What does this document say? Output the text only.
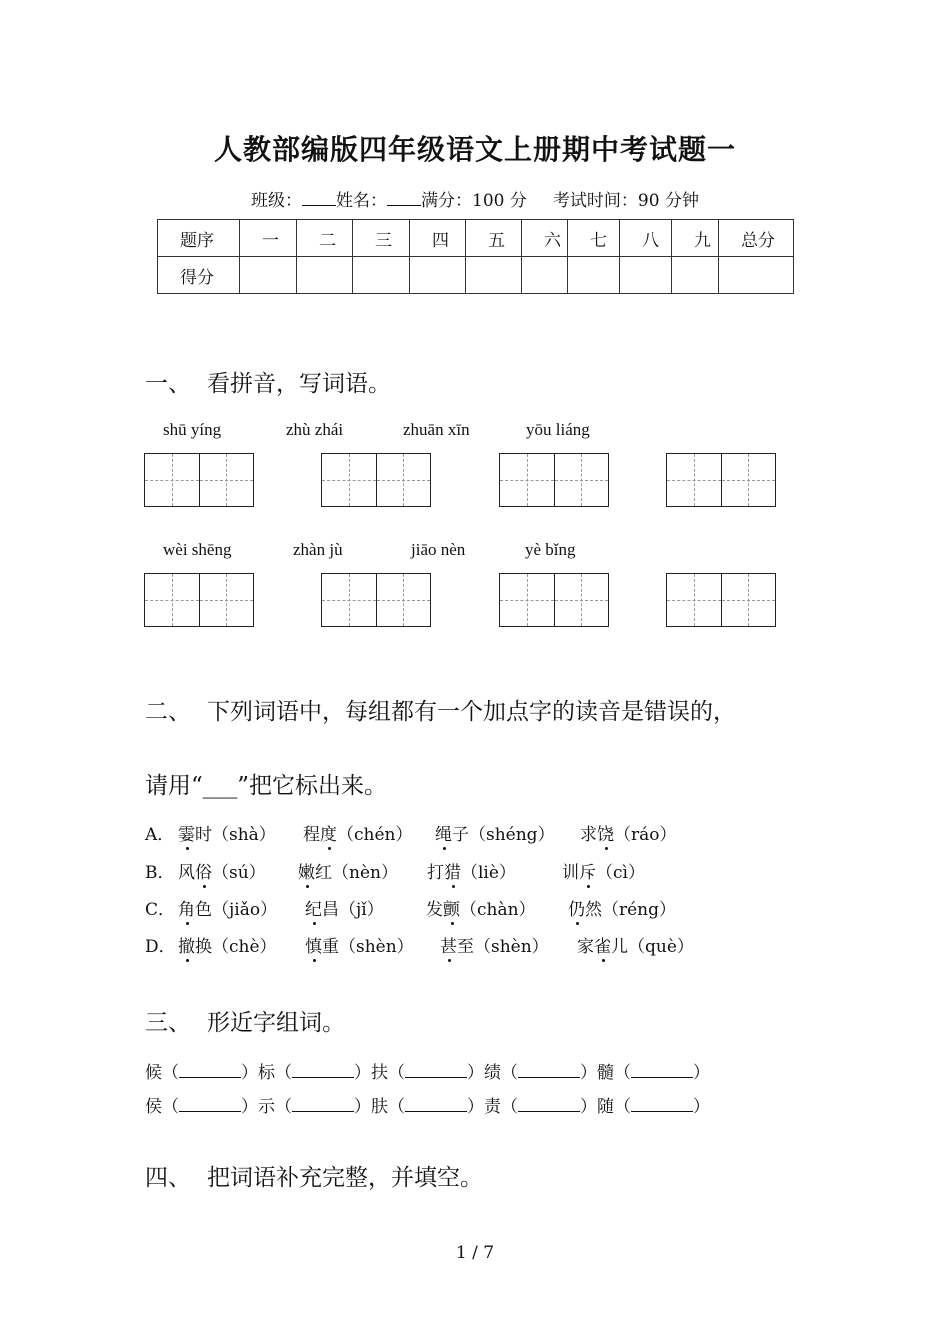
人教部编版四年级语文上册期中考试题一
班级： 姓名： 满分：100 分 考试时间：90 分钟
题序	一	二	三	四	五	六	七	八	九	总分
得分										
一、 看拼音，写词语。
shū yíng	zhù zhái	zhuān xīn	yōu liáng
wèi shēng	zhàn jù	jiāo nèn	yè bǐng
二、 下列词语中，每组都有一个加点字的读音是错误的，
请用“___”把它标出来。
A． 霎时（shà） 程度（chén） 绳子（shéng） 求饶（ráo）
B． 风俗（sú） 嫩红（nèn） 打猎（liè）	训斥（cì）
C． 角色（jiǎo） 纪昌（jǐ） 发颤（chàn） 仍然（réng）
D． 撤换（chè） 慎重（shèn） 甚至（shèn） 家雀儿（què）
三、 形近字组词。
候（	）标（	）扶（	）绩（	）髓（	）
侯（	）示（	）肤（	）责（	）随（	）
四、 把词语补充完整，并填空。
1 / 7
